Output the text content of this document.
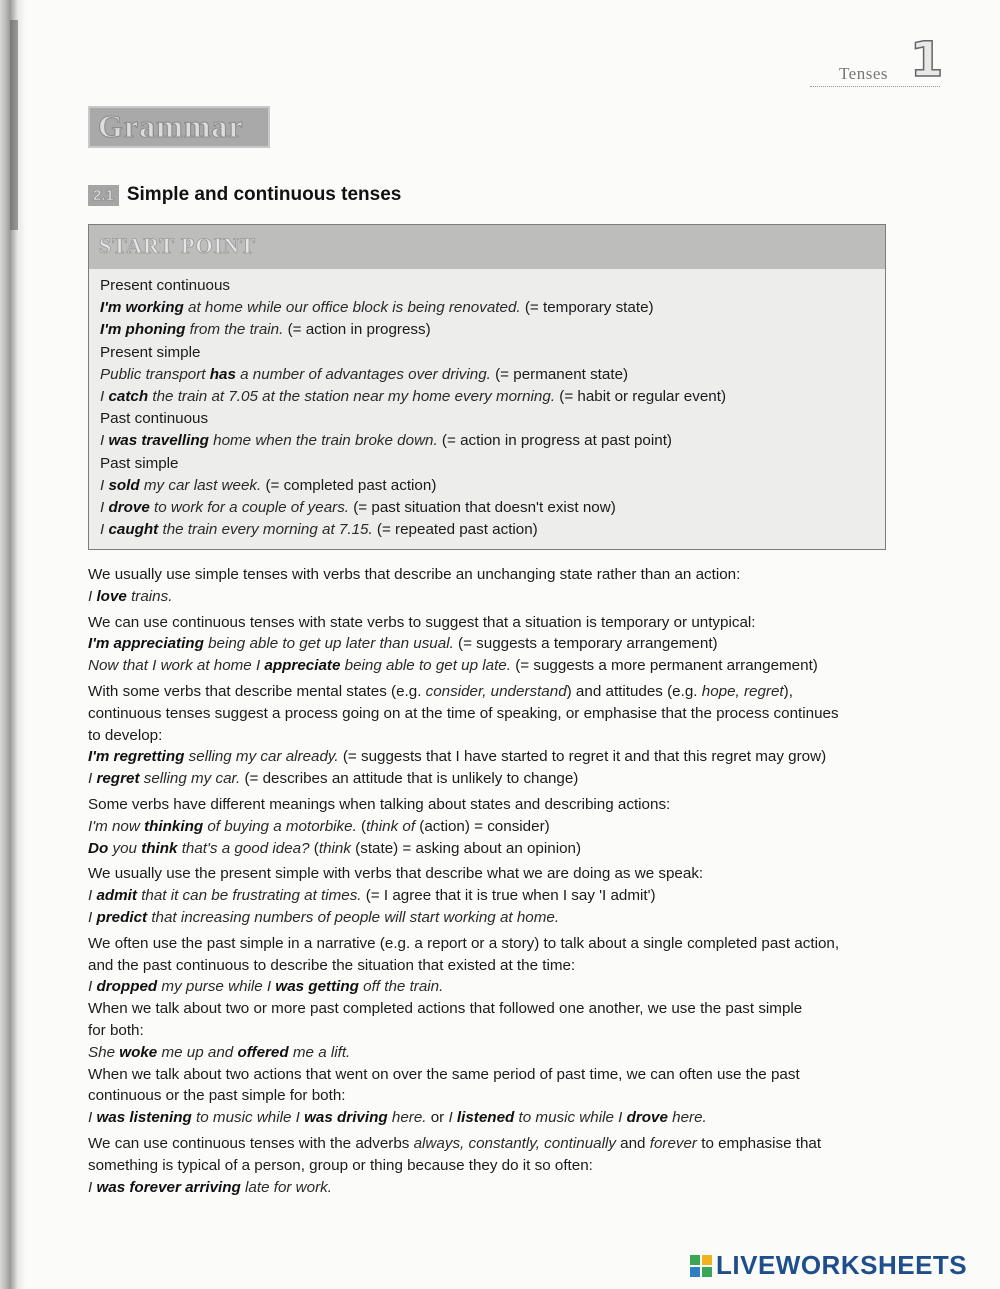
Tenses 1
Grammar
2.1 Simple and continuous tenses
START POINT
Present continuous
I'm working at home while our office block is being renovated. (= temporary state)
I'm phoning from the train. (= action in progress)
Present simple
Public transport has a number of advantages over driving. (= permanent state)
I catch the train at 7.05 at the station near my home every morning. (= habit or regular event)
Past continuous
I was travelling home when the train broke down. (= action in progress at past point)
Past simple
I sold my car last week. (= completed past action)
I drove to work for a couple of years. (= past situation that doesn't exist now)
I caught the train every morning at 7.15. (= repeated past action)
We usually use simple tenses with verbs that describe an unchanging state rather than an action:
I love trains.
We can use continuous tenses with state verbs to suggest that a situation is temporary or untypical:
I'm appreciating being able to get up later than usual. (= suggests a temporary arrangement)
Now that I work at home I appreciate being able to get up late. (= suggests a more permanent arrangement)
With some verbs that describe mental states (e.g. consider, understand) and attitudes (e.g. hope, regret),
continuous tenses suggest a process going on at the time of speaking, or emphasise that the process continues
to develop:
I'm regretting selling my car already. (= suggests that I have started to regret it and that this regret may grow)
I regret selling my car. (= describes an attitude that is unlikely to change)
Some verbs have different meanings when talking about states and describing actions:
I'm now thinking of buying a motorbike. (think of (action) = consider)
Do you think that's a good idea? (think (state) = asking about an opinion)
We usually use the present simple with verbs that describe what we are doing as we speak:
I admit that it can be frustrating at times. (= I agree that it is true when I say 'I admit')
I predict that increasing numbers of people will start working at home.
We often use the past simple in a narrative (e.g. a report or a story) to talk about a single completed past action,
and the past continuous to describe the situation that existed at the time:
I dropped my purse while I was getting off the train.
When we talk about two or more past completed actions that followed one another, we use the past simple
for both:
She woke me up and offered me a lift.
When we talk about two actions that went on over the same period of past time, we can often use the past
continuous or the past simple for both:
I was listening to music while I was driving here. or I listened to music while I drove here.
We can use continuous tenses with the adverbs always, constantly, continually and forever to emphasise that
something is typical of a person, group or thing because they do it so often:
I was forever arriving late for work.
LIVEWORKSHEETS
